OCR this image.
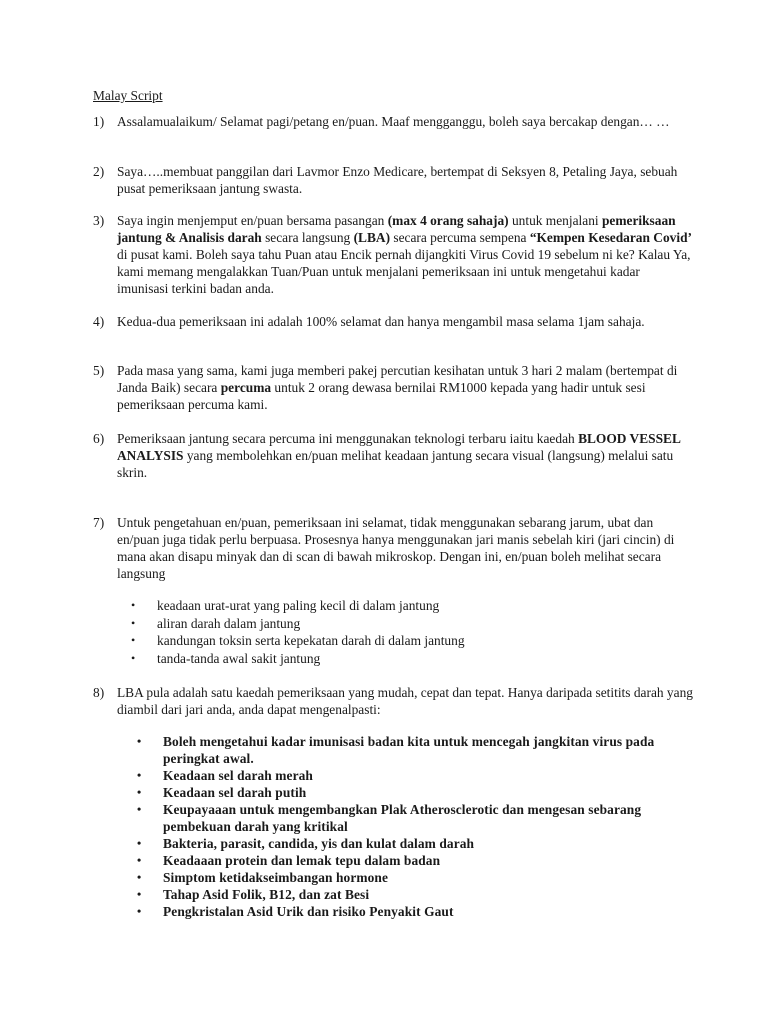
Malay Script
1) Assalamualaikum/ Selamat pagi/petang en/puan. Maaf mengganggu, boleh saya bercakap dengan… …
2) Saya…..membuat panggilan dari Lavmor Enzo Medicare, bertempat di Seksyen 8, Petaling Jaya, sebuah pusat pemeriksaan jantung swasta.
3) Saya ingin menjemput en/puan bersama pasangan (max 4 orang sahaja) untuk menjalani pemeriksaan jantung & Analisis darah secara langsung (LBA) secara percuma sempena “Kempen Kesedaran Covid’ di pusat kami. Boleh saya tahu Puan atau Encik pernah dijangkiti Virus Covid 19 sebelum ni ke? Kalau Ya, kami memang mengalakkan Tuan/Puan untuk menjalani pemeriksaan ini untuk mengetahui kadar imunisasi terkini badan anda.
4) Kedua-dua pemeriksaan ini adalah 100% selamat dan hanya mengambil masa selama 1jam sahaja.
5) Pada masa yang sama, kami juga memberi pakej percutian kesihatan untuk 3 hari 2 malam (bertempat di Janda Baik) secara percuma untuk 2 orang dewasa bernilai RM1000 kepada yang hadir untuk sesi pemeriksaan percuma kami.
6) Pemeriksaan jantung secara percuma ini menggunakan teknologi terbaru iaitu kaedah BLOOD VESSEL ANALYSIS yang membolehkan en/puan melihat keadaan jantung secara visual (langsung) melalui satu skrin.
7) Untuk pengetahuan en/puan, pemeriksaan ini selamat, tidak menggunakan sebarang jarum, ubat dan en/puan juga tidak perlu berpuasa. Prosesnya hanya menggunakan jari manis sebelah kiri (jari cincin) di mana akan disapu minyak dan di scan di bawah mikroskop. Dengan ini, en/puan boleh melihat secara langsung
• keadaan urat-urat yang paling kecil di dalam jantung
• aliran darah dalam jantung
• kandungan toksin serta kepekatan darah di dalam jantung
• tanda-tanda awal sakit jantung
8) LBA pula adalah satu kaedah pemeriksaan yang mudah, cepat dan tepat. Hanya daripada setitits darah yang diambil dari jari anda, anda dapat mengenalpasti:
• Boleh mengetahui kadar imunisasi badan kita untuk mencegah jangkitan virus pada peringkat awal.
• Keadaan sel darah merah
• Keadaan sel darah putih
• Keupayaaan untuk mengembangkan Plak Atherosclerotic dan mengesan sebarang pembekuan darah yang kritikal
• Bakteria, parasit, candida, yis dan kulat dalam darah
• Keadaaan protein dan lemak tepu dalam badan
• Simptom ketidakseimbangan hormone
• Tahap Asid Folik, B12, dan zat Besi
• Pengkristalan Asid Urik dan risiko Penyakit Gaut
